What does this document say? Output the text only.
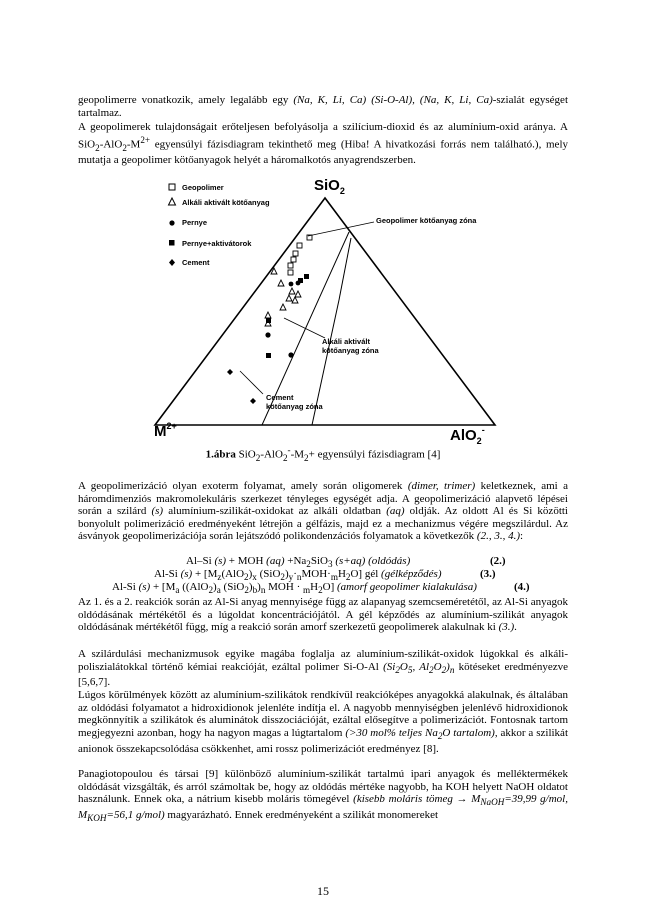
geopolimerre vonatkozik, amely legalább egy (Na, K, Li, Ca) (Si-O-Al), (Na, K, Li, Ca)-szialát egységet tartalmaz.

A geopolimerek tulajdonságait erőteljesen befolyásolja a szilícium-dioxid és az alumínium-oxid aránya. A $SiO_2-AlO_2-M^{2+}$ egyensúlyi fázisdiagram tekinthető meg (Hiba! A hivatkozási forrás nem található.), mely mutatja a geopolimer kötőanyagok helyét a háromalkotós anyagrendszerben.

SiO$_2$
$M^{2+}$
AlO$_2$-
Geopolimer
Alkáli aktivált kötőanyag
Pernye
Pernye+aktivátorok
Cement
Geopolimer kötőanyag zóna
Alkáli aktivált
kötőanyag zóna
Cement
kötőanyag zóna
1.ábra $SiO_2-AlO_2^--M_2+$ egyensúlyi fázisdiagram [4]

A geopolimerizáció olyan exoterm folyamat, amely során oligomerek (dimer, trimer) keletkeznek, ami a háromdimenziós makromolekuláris szerkezet tényleges egységét adja. A geopolimerizáció alapvető lépései során a szilárd (s) alumínium-szilikát-oxidokat az alkáli oldatban (aq) oldják. Az oldott Al és Si közötti bonyolult polimerizáció eredményeként létrejön a gélfázis, majd ez a mechanizmus végére megszilárdul. Az ásványok geopolimerizációja során lejátszódó polikondenzációs folyamatok a következők (2., 3., 4.):

Al–Si (s) + MOH $(aq) +Na_2SiO_3$ (s+aq) (oldódás)	(2.)
Al-Si $(s) + [M_z(AlO_2)_x$ $(SiO_2)_y\cdot_nMOH\cdot_mH_2O$] gél (gélképződés)	(3.)
Al-Si $(s) + [M_a$ ($(AlO_2)_a$ $(SiO_2)_b)_n$ MOH · $_mH_2O$] (amorf geopolimer kialakulása)	(4.)

Az 1. és a 2. reakciók során az Al-Si anyag mennyisége függ az alapanyag szemcseméretétől, az Al-Si anyagok oldódásának mértékétől és a lúgoldat koncentrációjától. A gél képződés az alumínium-szilikát anyagok oldódásának mértékétől függ, míg a reakció során amorf szerkezetű geopolimerek alakulnak ki (3.).

A szilárdulási mechanizmusok egyike magába foglalja az alumínium-szilikát-oxidok lúgokkal és alkáli-poliszialátokkal történő kémiai reakcióját, ezáltal polimer Si-O-Al ($Si_2O_5$, $Al_2O_2)_n$ kötéseket eredményezve [5,6,7].

Lúgos körülmények között az alumínium-szilikátok rendkívül reakcióképes anyagokká alakulnak, és általában az oldódási folyamatot a hidroxidionok jelenléte indítja el. A nagyobb mennyiségben jelenlévő hidroxidionok megkönnyítik a szilikátok és aluminátok disszociációját, ezáltal elősegítve a polimerizációt. Fontosnak tartom megjegyezni azonban, hogy ha nagyon magas a lúgtartalom (>30 mol% teljes $Na_2O$ tartalom), akkor a szilikát anionok összekapcsolódása csökkenhet, ami rossz polimerizációt eredményez [8].

Panagiotopoulou és társai [9] különböző alumínium-szilikát tartalmú ipari anyagok és melléktermékek oldódását vizsgálták, és arról számoltak be, hogy az oldódás mértéke nagyobb, ha KOH helyett NaOH oldatot használunk. Ennek oka, a nátrium kisebb moláris tömegével (kisebb moláris tömeg → $M_{NaOH}=39,99$ g/mol, $M_{KOH}=56,1$ g/mol) magyarázható. Ennek eredményeként a szilikát monomereket

15
